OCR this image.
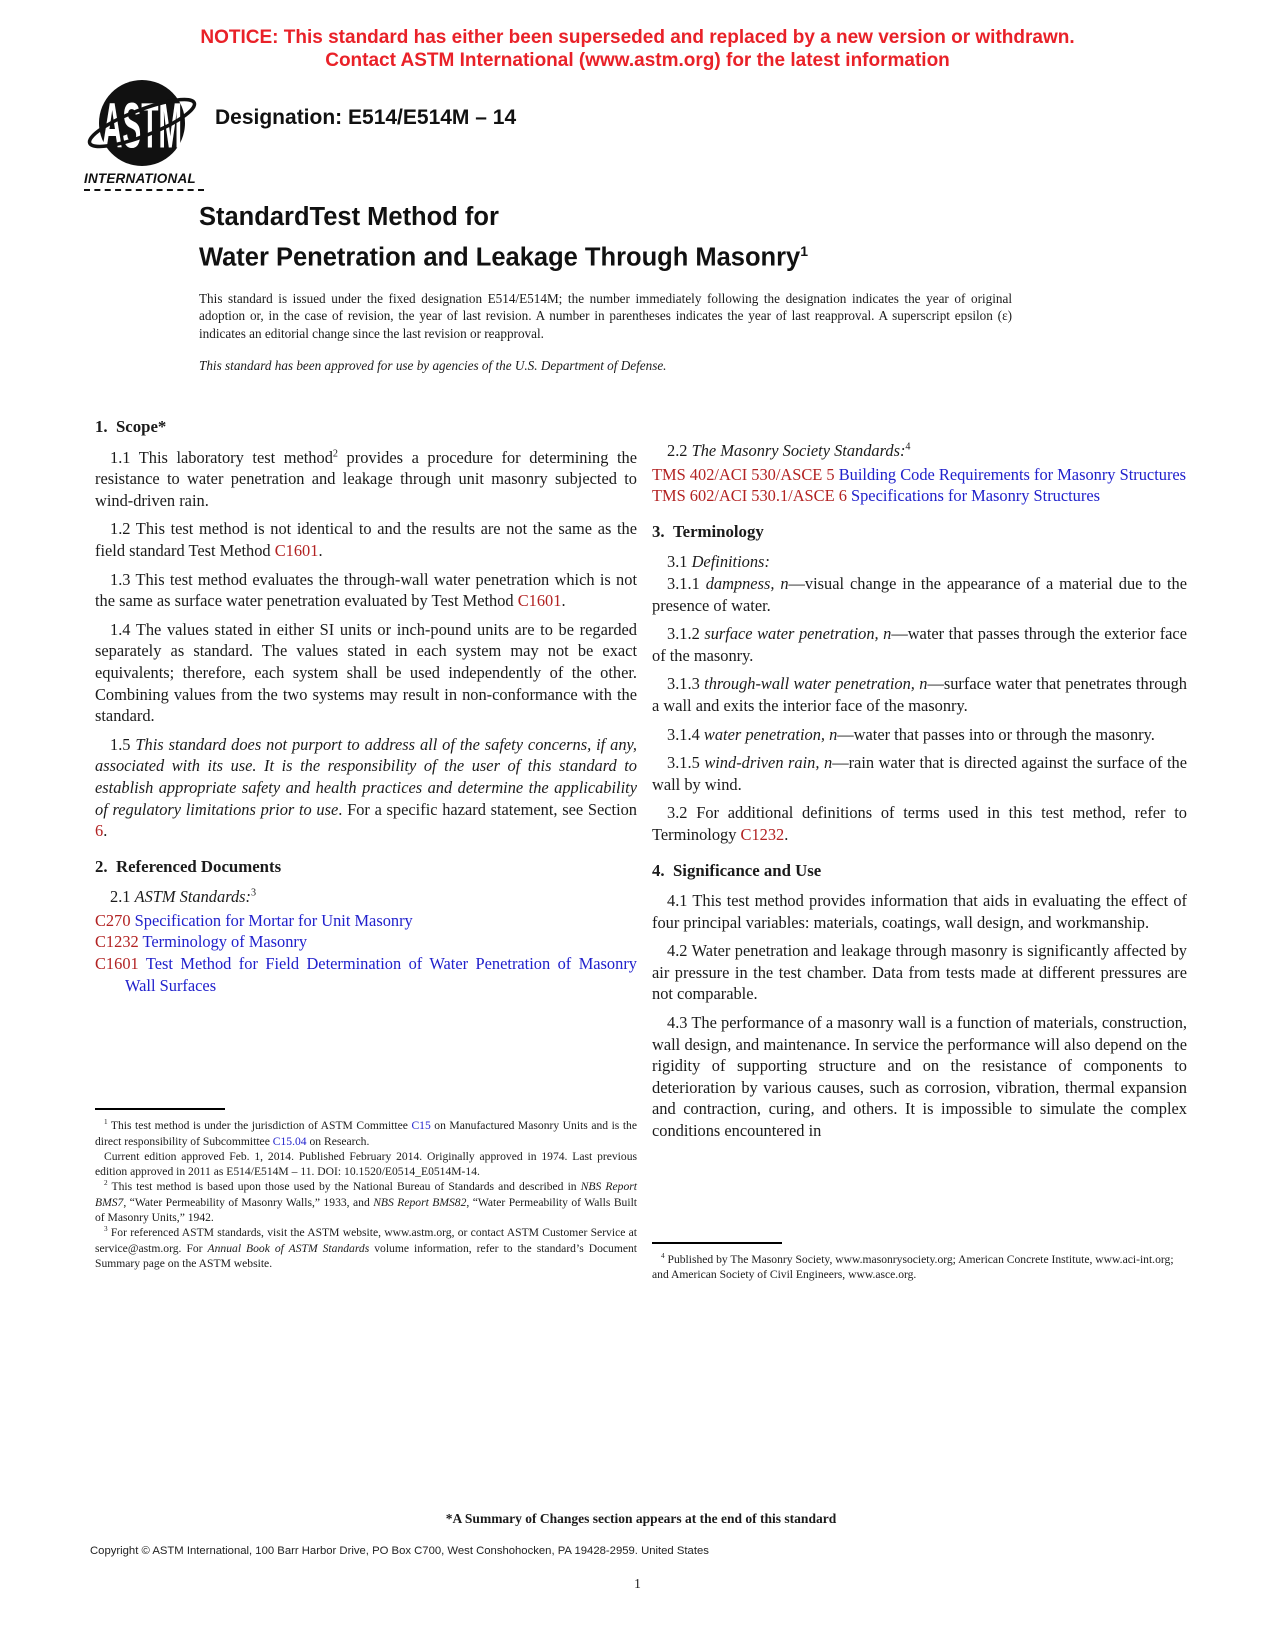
NOTICE: This standard has either been superseded and replaced by a new version or withdrawn.
Contact ASTM International (www.astm.org) for the latest information
ASTM
INTERNATIONAL
Designation: E514/E514M – 14
StandardTest Method for
Water Penetration and Leakage Through Masonry$^1$
This standard is issued under the fixed designation E514/E514M; the number immediately following the designation indicates the year of original adoption or, in the case of revision, the year of last revision. A number in parentheses indicates the year of last reapproval. A superscript epsilon (ε) indicates an editorial change since the last revision or reapproval.
This standard has been approved for use by agencies of the U.S. Department of Defense.
1. Scope*

1.1 This laboratory test method$^2$ provides a procedure for determining the resistance to water penetration and leakage through unit masonry subjected to wind-driven rain.

1.2 This test method is not identical to and the results are not the same as the field standard Test Method C1601.

1.3 This test method evaluates the through-wall water penetration which is not the same as surface water penetration evaluated by Test Method C1601.

1.4 The values stated in either SI units or inch-pound units are to be regarded separately as standard. The values stated in each system may not be exact equivalents; therefore, each system shall be used independently of the other. Combining values from the two systems may result in non-conformance with the standard.

1.5 This standard does not purport to address all of the safety concerns, if any, associated with its use. It is the responsibility of the user of this standard to establish appropriate safety and health practices and determine the applicability of regulatory limitations prior to use. For a specific hazard statement, see Section 6.

2. Referenced Documents

2.1 ASTM Standards:$^3$

C270 Specification for Mortar for Unit Masonry

C1232 Terminology of Masonry

C1601 Test Method for Field Determination of Water Penetration of Masonry Wall Surfaces

$^1$ This test method is under the jurisdiction of ASTM Committee C15 on Manufactured Masonry Units and is the direct responsibility of Subcommittee C15.04 on Research.

Current edition approved Feb. 1, 2014. Published February 2014. Originally approved in 1974. Last previous edition approved in 2011 as E514/E514M – 11. DOI: 10.1520/E0514_E0514M-14.

$^2$ This test method is based upon those used by the National Bureau of Standards and described in NBS Report BMS7, “Water Permeability of Masonry Walls,” 1933, and NBS Report BMS82, “Water Permeability of Walls Built of Masonry Units,” 1942.

$^3$ For referenced ASTM standards, visit the ASTM website, www.astm.org, or contact ASTM Customer Service at service@astm.org. For Annual Book of ASTM Standards volume information, refer to the standard’s Document Summary page on the ASTM website.

2.2 The Masonry Society Standards:$^4$

TMS 402/ACI 530/ASCE 5 Building Code Requirements for Masonry Structures

TMS 602/ACI 530.1/ASCE 6 Specifications for Masonry Structures

3. Terminology

3.1 Definitions:

3.1.1 dampness, n—visual change in the appearance of a material due to the presence of water.

3.1.2 surface water penetration, n—water that passes through the exterior face of the masonry.

3.1.3 through-wall water penetration, n—surface water that penetrates through a wall and exits the interior face of the masonry.

3.1.4 water penetration, n—water that passes into or through the masonry.

3.1.5 wind-driven rain, n—rain water that is directed against the surface of the wall by wind.

3.2 For additional definitions of terms used in this test method, refer to Terminology C1232.

4. Significance and Use

4.1 This test method provides information that aids in evaluating the effect of four principal variables: materials, coatings, wall design, and workmanship.

4.2 Water penetration and leakage through masonry is significantly affected by air pressure in the test chamber. Data from tests made at different pressures are not comparable.

4.3 The performance of a masonry wall is a function of materials, construction, wall design, and maintenance. In service the performance will also depend on the rigidity of supporting structure and on the resistance of components to deterioration by various causes, such as corrosion, vibration, thermal expansion and contraction, curing, and others. It is impossible to simulate the complex conditions encountered in

$^4$ Published by The Masonry Society, www.masonrysociety.org; American Concrete Institute, www.aci-int.org; and American Society of Civil Engineers, www.asce.org.

*A Summary of Changes section appears at the end of this standard
Copyright © ASTM International, 100 Barr Harbor Drive, PO Box C700, West Conshohocken, PA 19428-2959. United States
1
